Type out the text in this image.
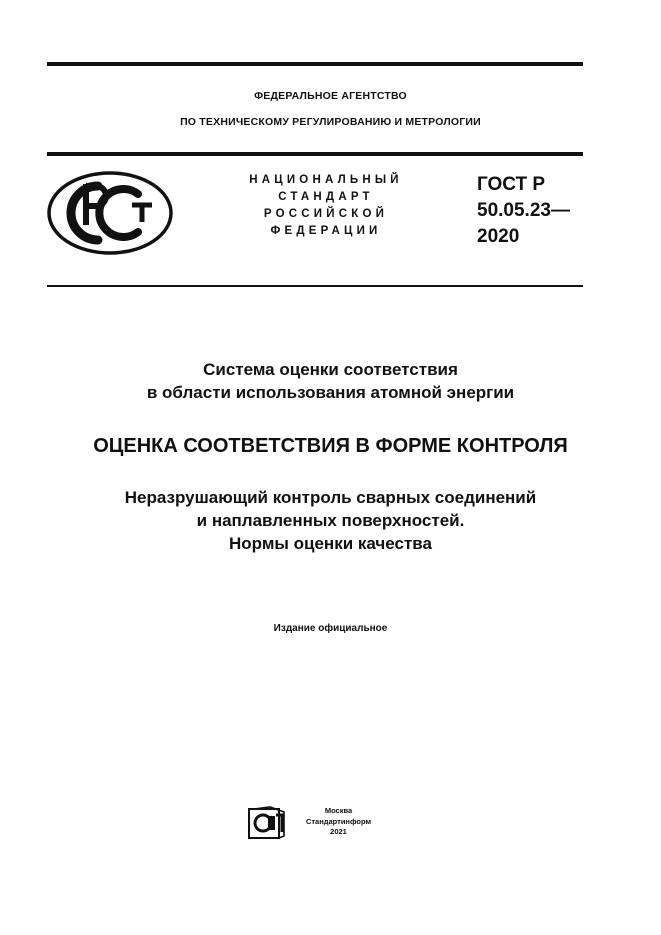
ФЕДЕРАЛЬНОЕ АГЕНТСТВО
ПО ТЕХНИЧЕСКОМУ РЕГУЛИРОВАНИЮ И МЕТРОЛОГИИ
НАЦИОНАЛЬНЫЙ
СТАНДАРТ
РОССИЙСКОЙ
ФЕДЕРАЦИИ
ГОСТ Р
50.05.23—
2020
Система оценки соответствия
в области использования атомной энергии
ОЦЕНКА СООТВЕТСТВИЯ В ФОРМЕ КОНТРОЛЯ
Неразрушающий контроль сварных соединений
и наплавленных поверхностей.
Нормы оценки качества
Издание официальное
Москва
Стандартинформ
2021
